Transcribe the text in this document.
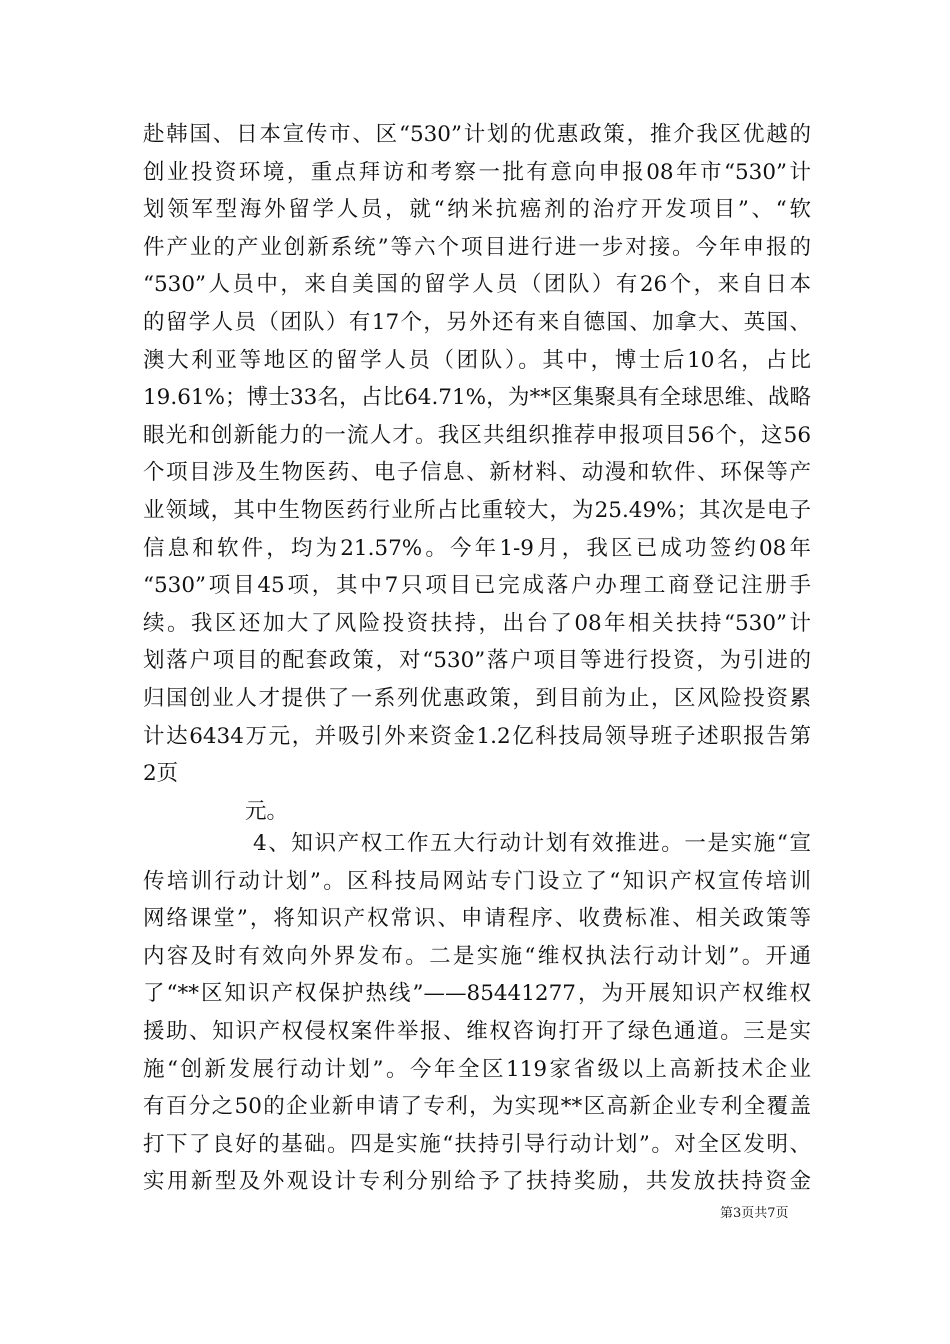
赴韩国、日本宣传市、区“530”计划的优惠政策，推介我区优越的
创业投资环境，重点拜访和考察一批有意向申报08年市“530”计
划领军型海外留学人员，就“纳米抗癌剂的治疗开发项目”、“软
件产业的产业创新系统”等六个项目进行进一步对接。今年申报的
“530”人员中，来自美国的留学人员（团队）有26个，来自日本
的留学人员（团队）有17个，另外还有来自德国、加拿大、英国、
澳大利亚等地区的留学人员（团队）。其中，博士后10名，占比
19.61%；博士33名，占比64.71%，为**区集聚具有全球思维、战略
眼光和创新能力的一流人才。我区共组织推荐申报项目56个，这56
个项目涉及生物医药、电子信息、新材料、动漫和软件、环保等产
业领域，其中生物医药行业所占比重较大，为25.49%；其次是电子
信息和软件，均为21.57%。今年1-9月，我区已成功签约08年
“530”项目45项，其中7只项目已完成落户办理工商登记注册手
续。我区还加大了风险投资扶持，出台了08年相关扶持“530”计
划落户项目的配套政策，对“530”落户项目等进行投资，为引进的
归国创业人才提供了一系列优惠政策，到目前为止，区风险投资累
计达6434万元，并吸引外来资金1.2亿科技局领导班子述职报告第
2页
元。
4、知识产权工作五大行动计划有效推进。一是实施“宣
传培训行动计划”。区科技局网站专门设立了“知识产权宣传培训
网络课堂”，将知识产权常识、申请程序、收费标准、相关政策等
内容及时有效向外界发布。二是实施“维权执法行动计划”。开通
了“**区知识产权保护热线”——85441277，为开展知识产权维权
援助、知识产权侵权案件举报、维权咨询打开了绿色通道。三是实
施“创新发展行动计划”。今年全区119家省级以上高新技术企业
有百分之50的企业新申请了专利，为实现**区高新企业专利全覆盖
打下了良好的基础。四是实施“扶持引导行动计划”。对全区发明、
实用新型及外观设计专利分别给予了扶持奖励，共发放扶持资金
第3页共7页
